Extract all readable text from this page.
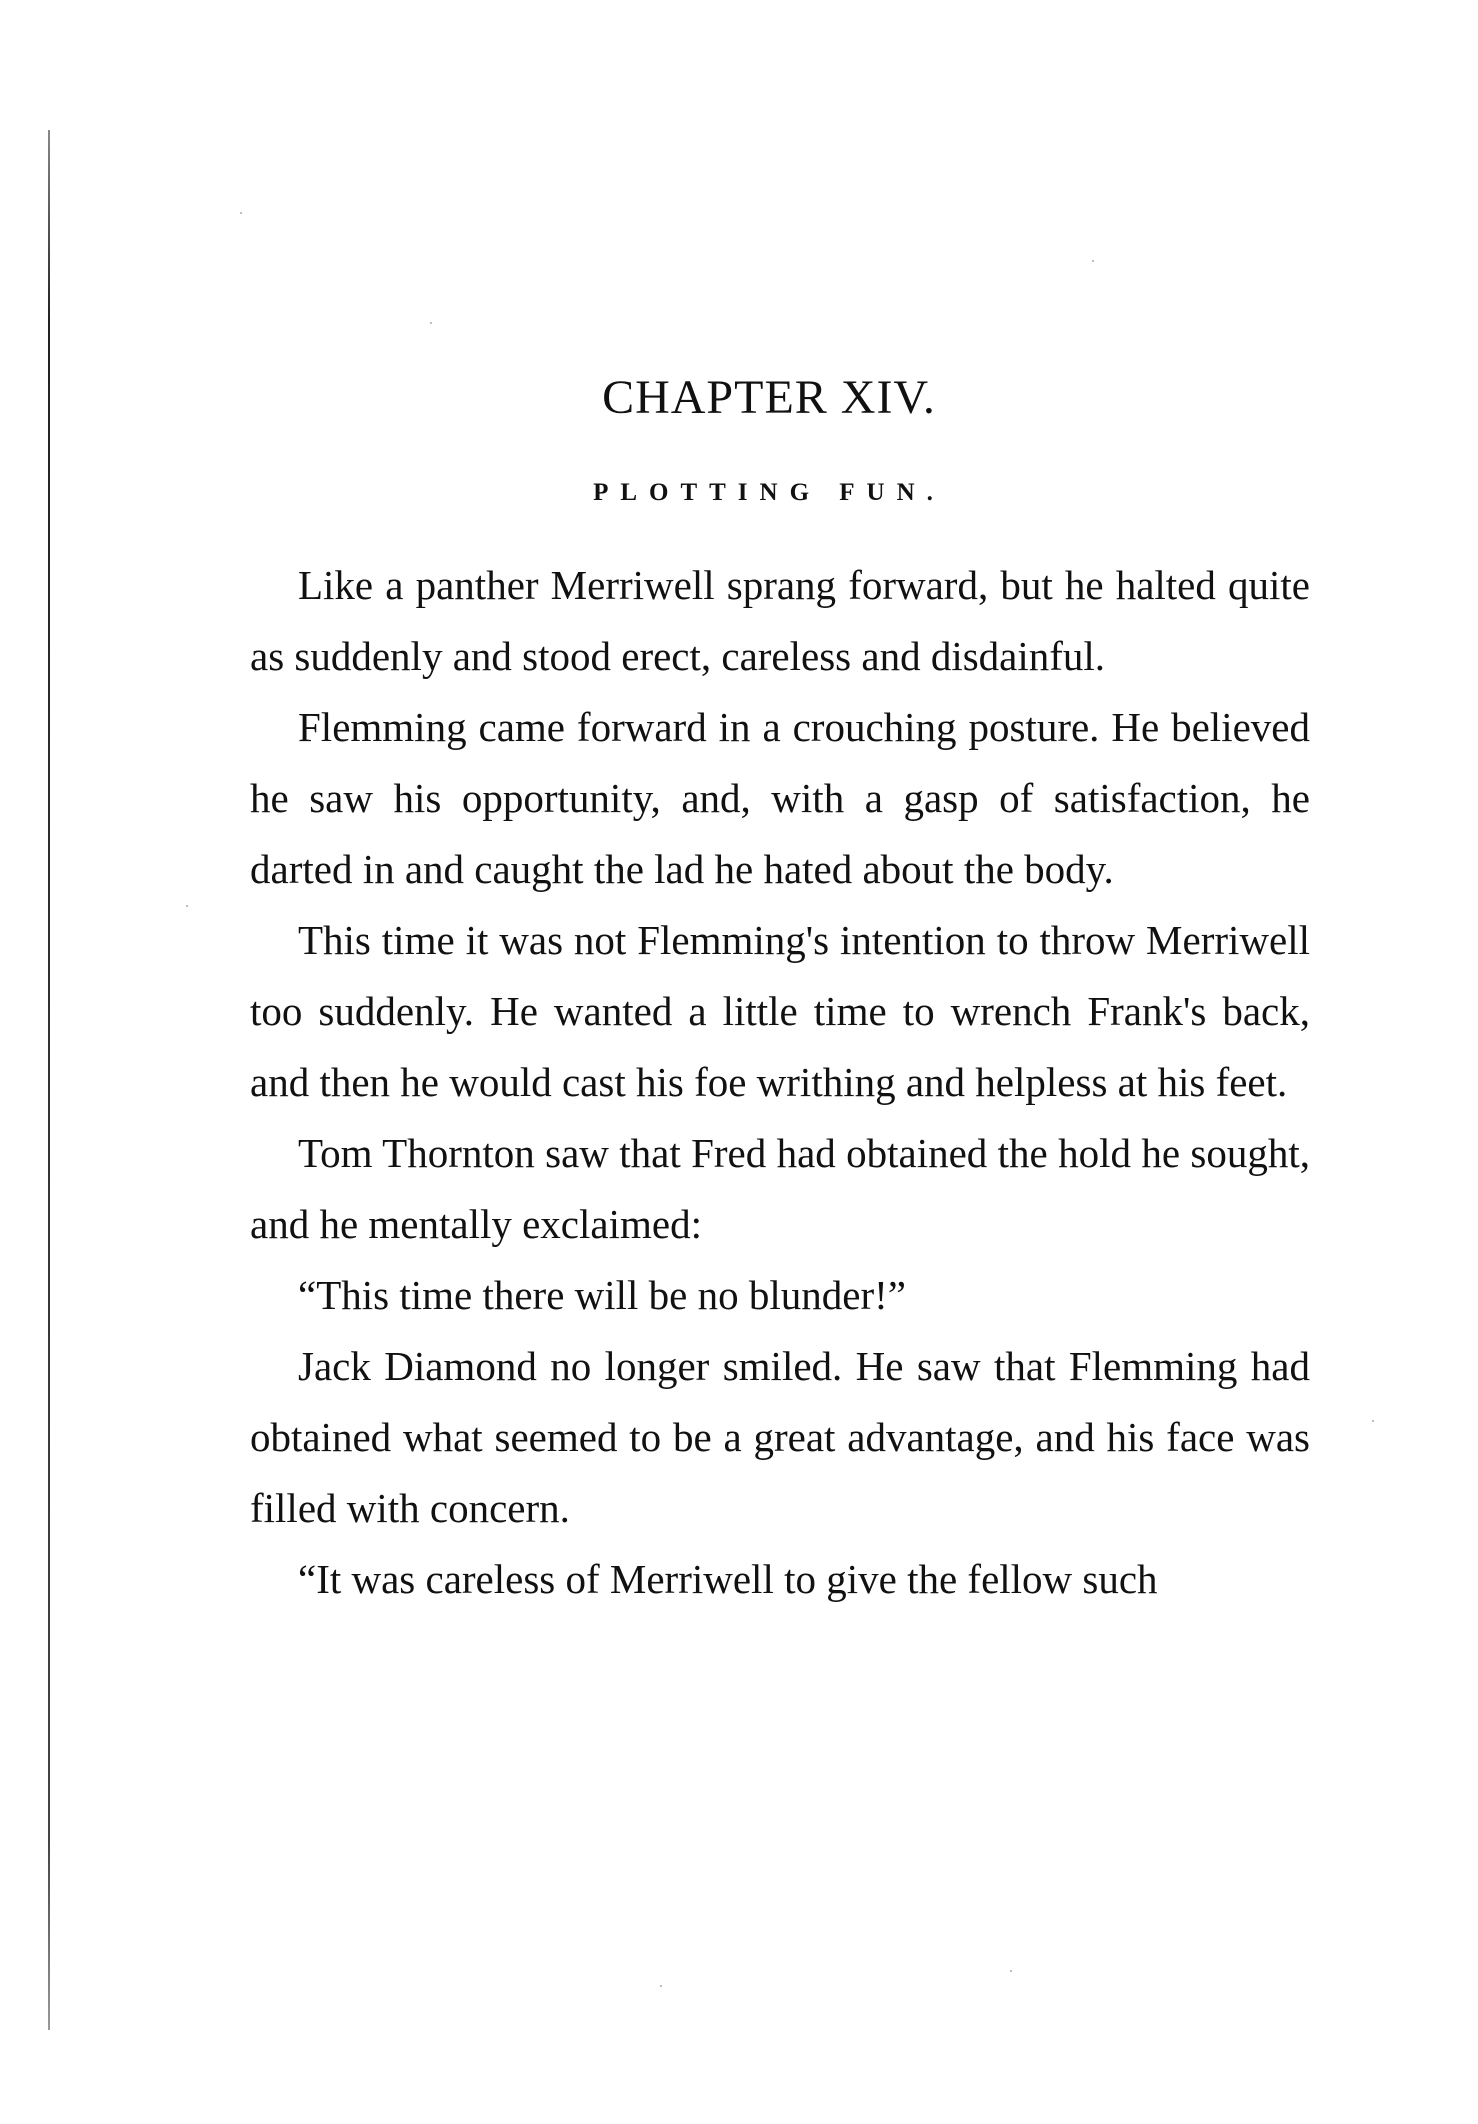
CHAPTER XIV.
PLOTTING FUN.

Like a panther Merriwell sprang forward, but he halted quite as suddenly and stood erect, careless and disdainful.

Flemming came forward in a crouching posture. He believed he saw his opportunity, and, with a gasp of satisfaction, he darted in and caught the lad he hated about the body.

This time it was not Flemming's intention to throw Merriwell too suddenly. He wanted a little time to wrench Frank's back, and then he would cast his foe writhing and helpless at his feet.

Tom Thornton saw that Fred had obtained the hold he sought, and he mentally exclaimed:

“This time there will be no blunder!”

Jack Diamond no longer smiled. He saw that Flemming had obtained what seemed to be a great advantage, and his face was filled with concern.

“It was careless of Merriwell to give the fellow such
